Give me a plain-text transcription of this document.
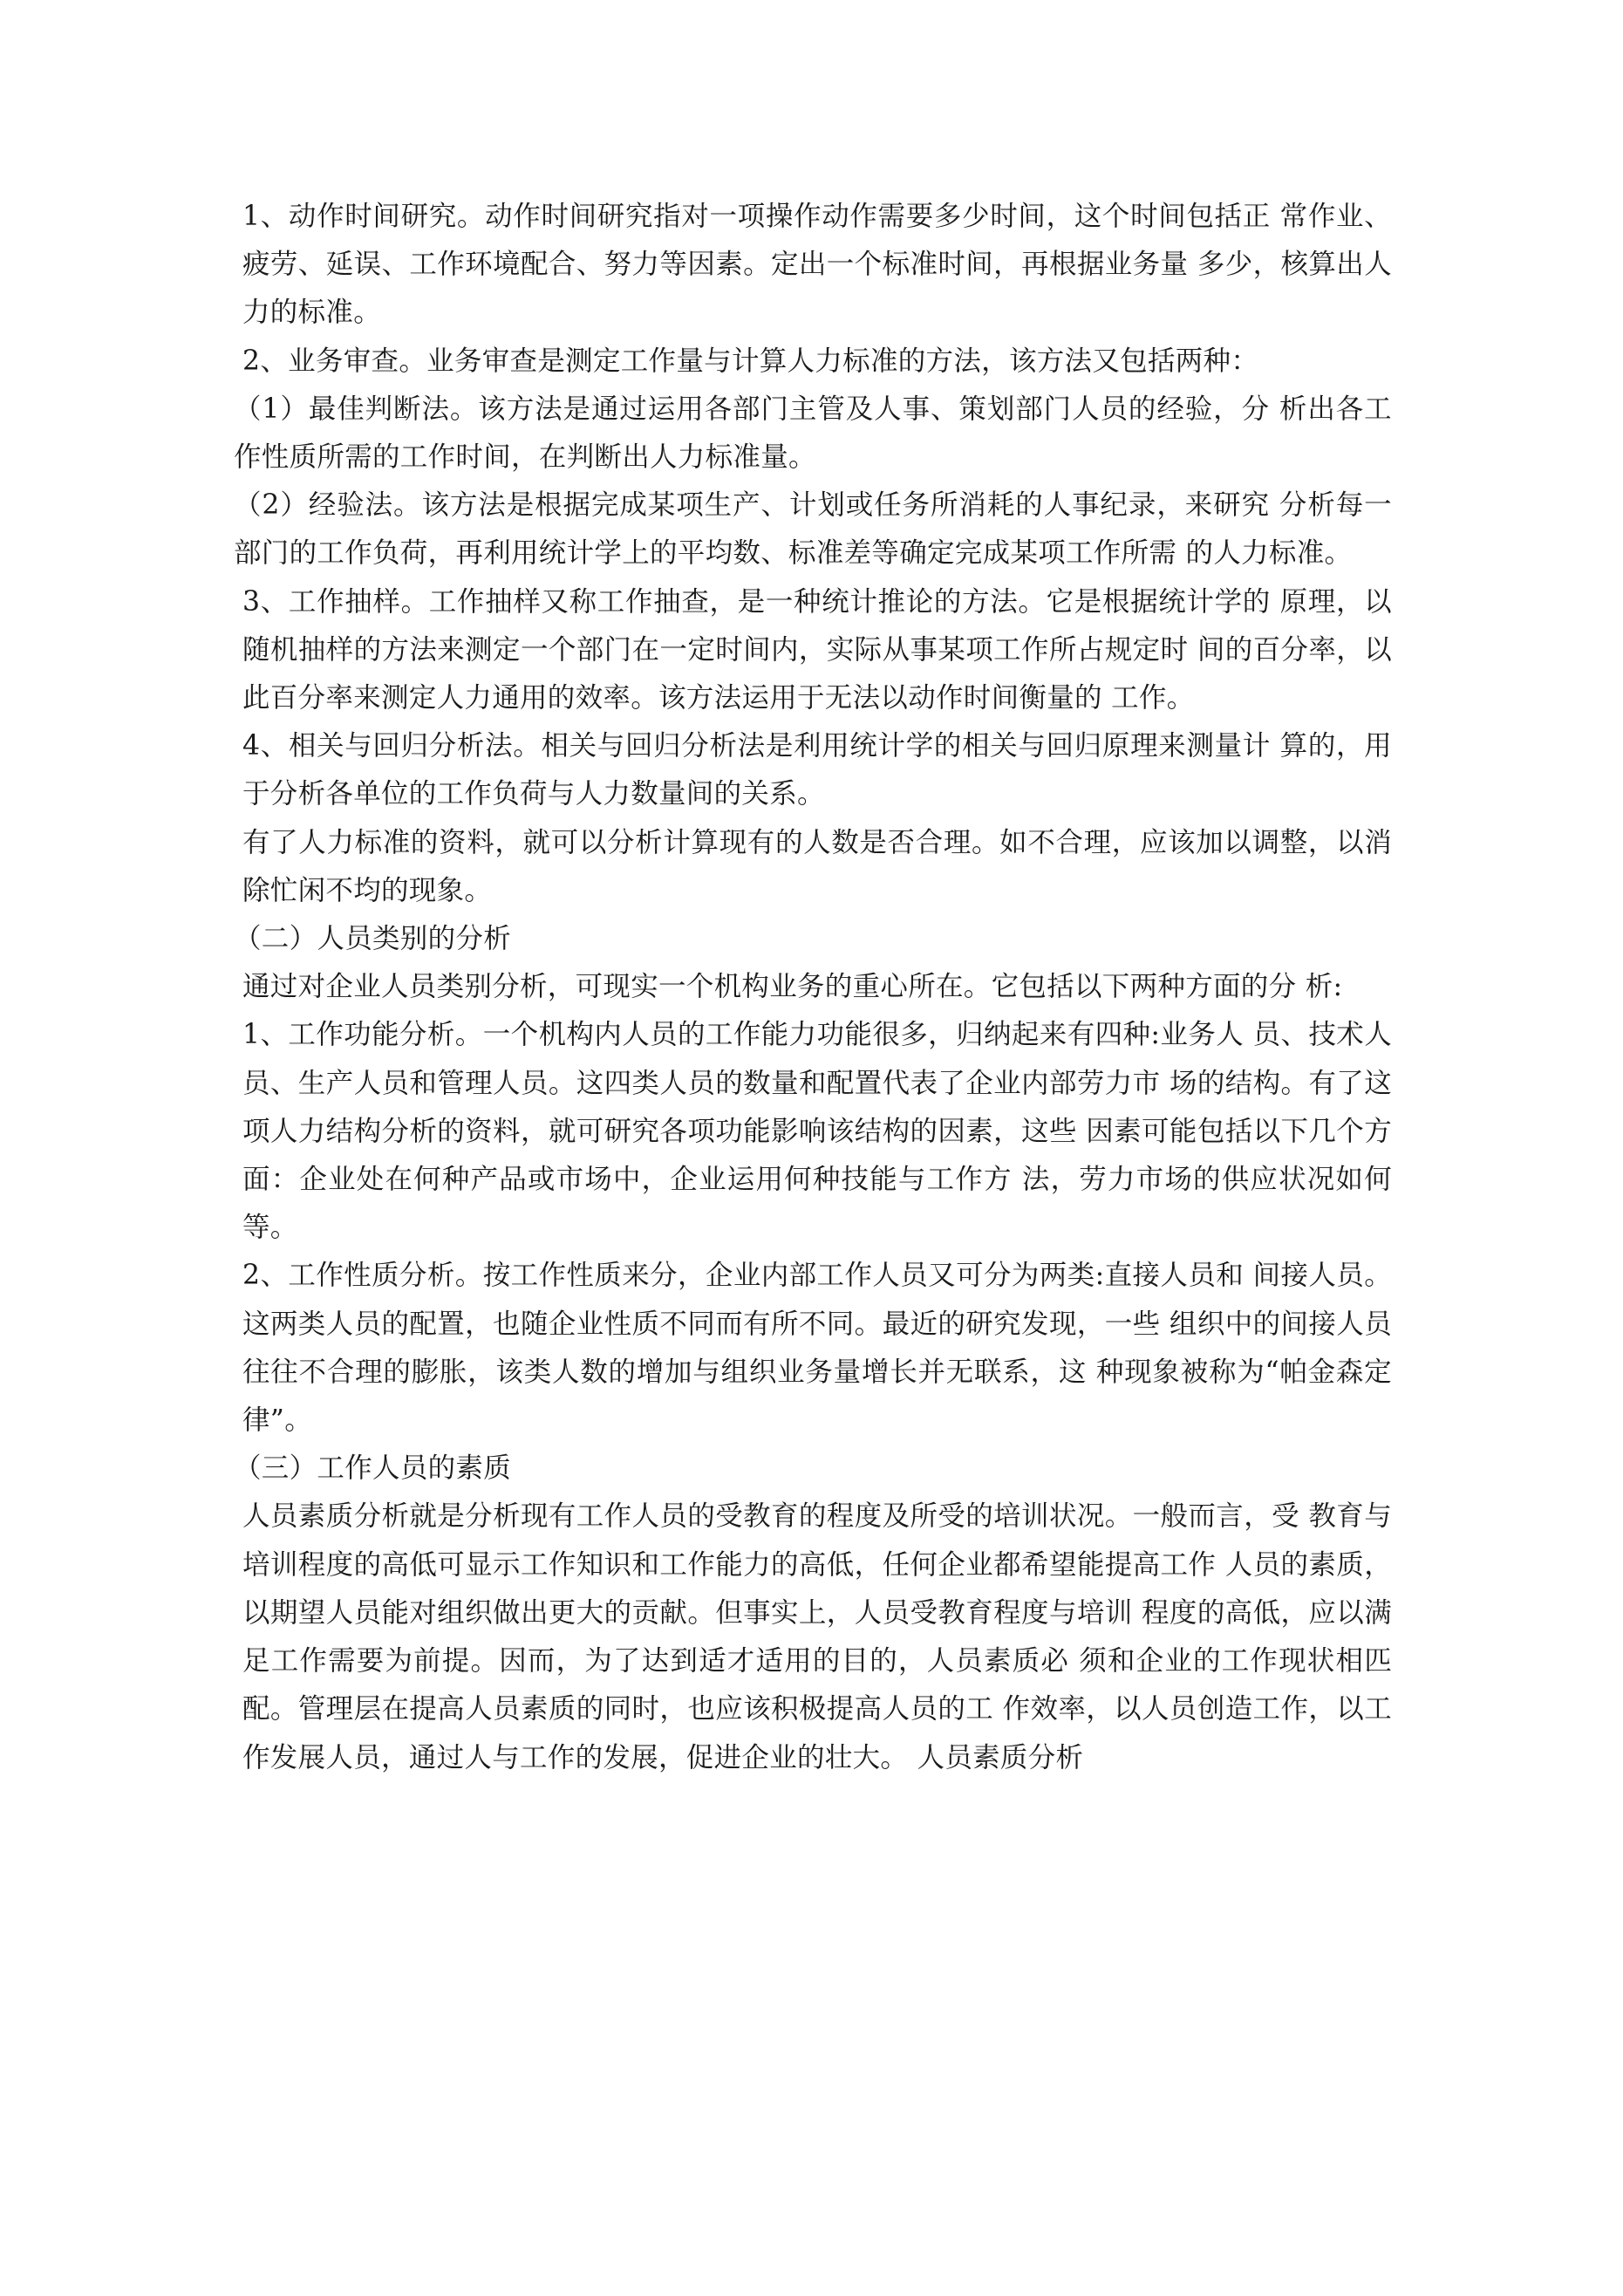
1、动作时间研究。动作时间研究指对一项操作动作需要多少时间，这个时间包括正 常作业、疲劳、延误、工作环境配合、努力等因素。定出一个标准时间，再根据业务量 多少，核算出人力的标准。

2、业务审查。业务审查是测定工作量与计算人力标准的方法，该方法又包括两种：

（1）最佳判断法。该方法是通过运用各部门主管及人事、策划部门人员的经验，分 析出各工作性质所需的工作时间，在判断出人力标准量。

（2）经验法。该方法是根据完成某项生产、计划或任务所消耗的人事纪录，来研究 分析每一部门的工作负荷，再利用统计学上的平均数、标准差等确定完成某项工作所需 的人力标准。

3、工作抽样。工作抽样又称工作抽查，是一种统计推论的方法。它是根据统计学的 原理，以随机抽样的方法来测定一个部门在一定时间内，实际从事某项工作所占规定时 间的百分率，以此百分率来测定人力通用的效率。该方法运用于无法以动作时间衡量的 工作。

4、相关与回归分析法。相关与回归分析法是利用统计学的相关与回归原理来测量计 算的，用于分析各单位的工作负荷与人力数量间的关系。

有了人力标准的资料，就可以分析计算现有的人数是否合理。如不合理，应该加以调整，以消除忙闲不均的现象。

（二）人员类别的分析

通过对企业人员类别分析，可现实一个机构业务的重心所在。它包括以下两种方面的分 析:

1、工作功能分析。一个机构内人员的工作能力功能很多，归纳起来有四种:业务人 员、技术人员、生产人员和管理人员。这四类人员的数量和配置代表了企业内部劳力市 场的结构。有了这项人力结构分析的资料，就可研究各项功能影响该结构的因素，这些 因素可能包括以下几个方面：企业处在何种产品或市场中，企业运用何种技能与工作方 法，劳力市场的供应状况如何等。

2、工作性质分析。按工作性质来分，企业内部工作人员又可分为两类:直接人员和 间接人员。这两类人员的配置，也随企业性质不同而有所不同。最近的研究发现，一些 组织中的间接人员往往不合理的膨胀，该类人数的增加与组织业务量增长并无联系，这 种现象被称为“帕金森定律”。

（三）工作人员的素质

人员素质分析就是分析现有工作人员的受教育的程度及所受的培训状况。一般而言，受 教育与培训程度的高低可显示工作知识和工作能力的高低，任何企业都希望能提高工作 人员的素质，以期望人员能对组织做出更大的贡献。但事实上，人员受教育程度与培训 程度的高低，应以满足工作需要为前提。因而，为了达到适才适用的目的，人员素质必 须和企业的工作现状相匹配。管理层在提高人员素质的同时，也应该积极提高人员的工 作效率，以人员创造工作，以工作发展人员，通过人与工作的发展，促进企业的壮大。 人员素质分析
